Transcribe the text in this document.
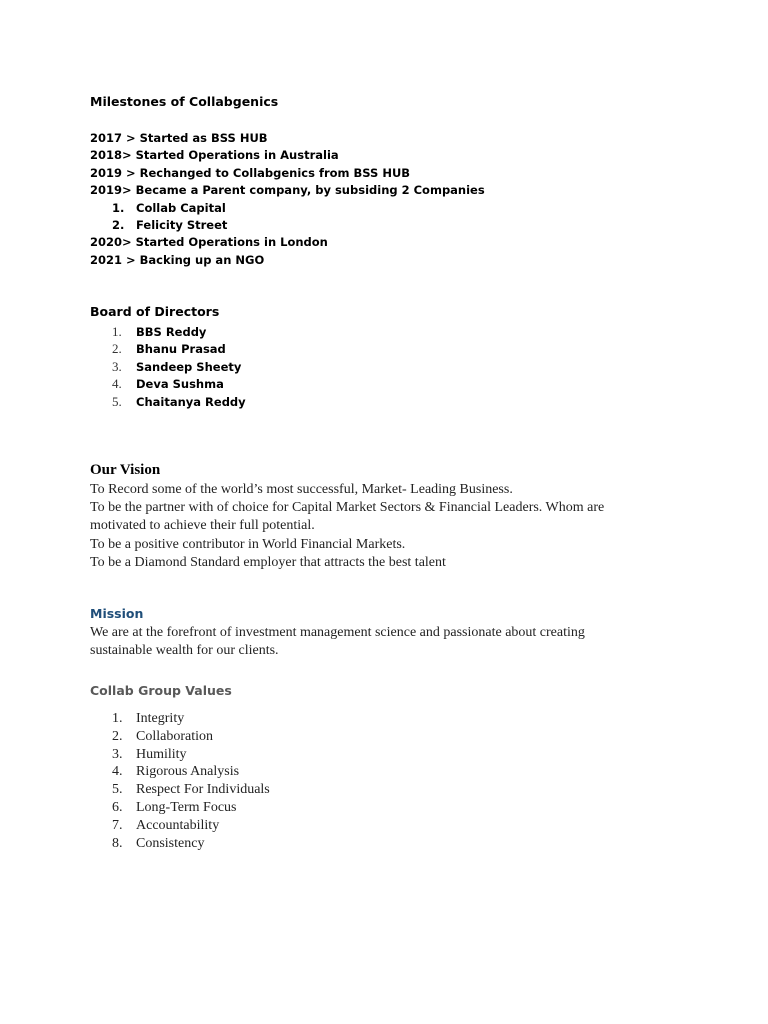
Milestones of Collabgenics
2017 > Started as BSS HUB
2018> Started Operations in Australia
2019 > Rechanged to Collabgenics from BSS HUB
2019> Became a Parent company, by subsiding 2 Companies
1. Collab Capital
2. Felicity Street
2020> Started Operations in London
2021 > Backing up an NGO
Board of Directors
1. BBS Reddy
2. Bhanu Prasad
3. Sandeep Sheety
4. Deva Sushma
5. Chaitanya Reddy
Our Vision
To Record some of the world’s most successful, Market- Leading Business.
To be the partner with of choice for Capital Market Sectors & Financial Leaders. Whom are
motivated to achieve their full potential.
To be a positive contributor in World Financial Markets.
To be a Diamond Standard employer that attracts the best talent
Mission
We are at the forefront of investment management science and passionate about creating sustainable wealth for our clients.
Collab Group Values
1. Integrity
2. Collaboration
3. Humility
4. Rigorous Analysis
5. Respect For Individuals
6. Long-Term Focus
7. Accountability
8. Consistency
